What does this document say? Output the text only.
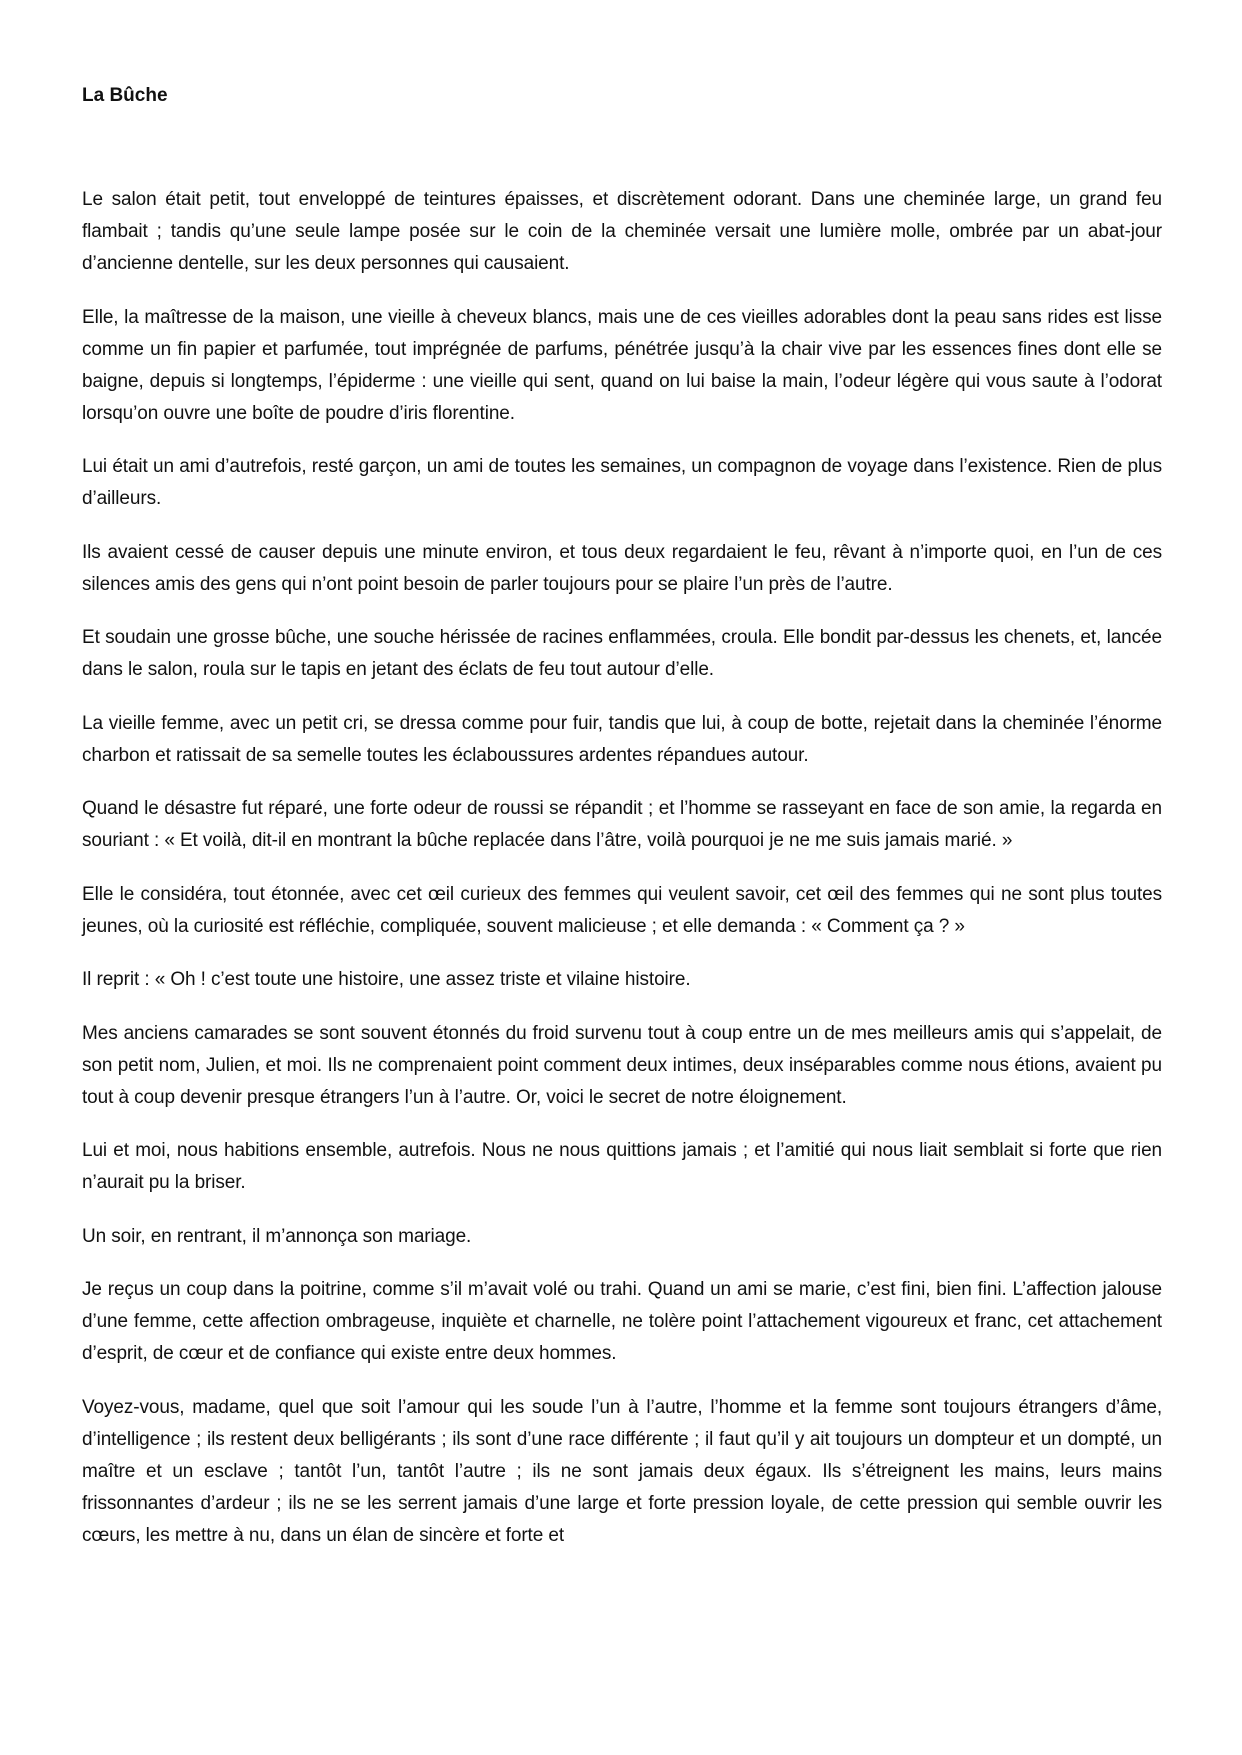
La Bûche

Le salon était petit, tout enveloppé de teintures épaisses, et discrètement odorant. Dans une cheminée large, un grand feu flambait ; tandis qu’une seule lampe posée sur le coin de la cheminée versait une lumière molle, ombrée par un abat-jour d’ancienne dentelle, sur les deux personnes qui causaient.

Elle, la maîtresse de la maison, une vieille à cheveux blancs, mais une de ces vieilles adorables dont la peau sans rides est lisse comme un fin papier et parfumée, tout imprégnée de parfums, pénétrée jusqu’à la chair vive par les essences fines dont elle se baigne, depuis si longtemps, l’épiderme : une vieille qui sent, quand on lui baise la main, l’odeur légère qui vous saute à l’odorat lorsqu’on ouvre une boîte de poudre d’iris florentine.

Lui était un ami d’autrefois, resté garçon, un ami de toutes les semaines, un compagnon de voyage dans l’existence. Rien de plus d’ailleurs.

Ils avaient cessé de causer depuis une minute environ, et tous deux regardaient le feu, rêvant à n’importe quoi, en l’un de ces silences amis des gens qui n’ont point besoin de parler toujours pour se plaire l’un près de l’autre.

Et soudain une grosse bûche, une souche hérissée de racines enflammées, croula. Elle bondit par-dessus les chenets, et, lancée dans le salon, roula sur le tapis en jetant des éclats de feu tout autour d’elle.

La vieille femme, avec un petit cri, se dressa comme pour fuir, tandis que lui, à coup de botte, rejetait dans la cheminée l’énorme charbon et ratissait de sa semelle toutes les éclaboussures ardentes répandues autour.

Quand le désastre fut réparé, une forte odeur de roussi se répandit ; et l’homme se rasseyant en face de son amie, la regarda en souriant : « Et voilà, dit-il en montrant la bûche replacée dans l’âtre, voilà pourquoi je ne me suis jamais marié. »

Elle le considéra, tout étonnée, avec cet œil curieux des femmes qui veulent savoir, cet œil des femmes qui ne sont plus toutes jeunes, où la curiosité est réfléchie, compliquée, souvent malicieuse ; et elle demanda : « Comment ça ? »

Il reprit : « Oh ! c’est toute une histoire, une assez triste et vilaine histoire.

Mes anciens camarades se sont souvent étonnés du froid survenu tout à coup entre un de mes meilleurs amis qui s’appelait, de son petit nom, Julien, et moi. Ils ne comprenaient point comment deux intimes, deux inséparables comme nous étions, avaient pu tout à coup devenir presque étrangers l’un à l’autre. Or, voici le secret de notre éloignement.

Lui et moi, nous habitions ensemble, autrefois. Nous ne nous quittions jamais ; et l’amitié qui nous liait semblait si forte que rien n’aurait pu la briser.

Un soir, en rentrant, il m’annonça son mariage.

Je reçus un coup dans la poitrine, comme s’il m’avait volé ou trahi. Quand un ami se marie, c’est fini, bien fini. L’affection jalouse d’une femme, cette affection ombrageuse, inquiète et charnelle, ne tolère point l’attachement vigoureux et franc, cet attachement d’esprit, de cœur et de confiance qui existe entre deux hommes.

Voyez-vous, madame, quel que soit l’amour qui les soude l’un à l’autre, l’homme et la femme sont toujours étrangers d’âme, d’intelligence ; ils restent deux belligérants ; ils sont d’une race différente ; il faut qu’il y ait toujours un dompteur et un dompté, un maître et un esclave ; tantôt l’un, tantôt l’autre ; ils ne sont jamais deux égaux. Ils s’étreignent les mains, leurs mains frissonnantes d’ardeur ; ils ne se les serrent jamais d’une large et forte pression loyale, de cette pression qui semble ouvrir les cœurs, les mettre à nu, dans un élan de sincère et forte et
